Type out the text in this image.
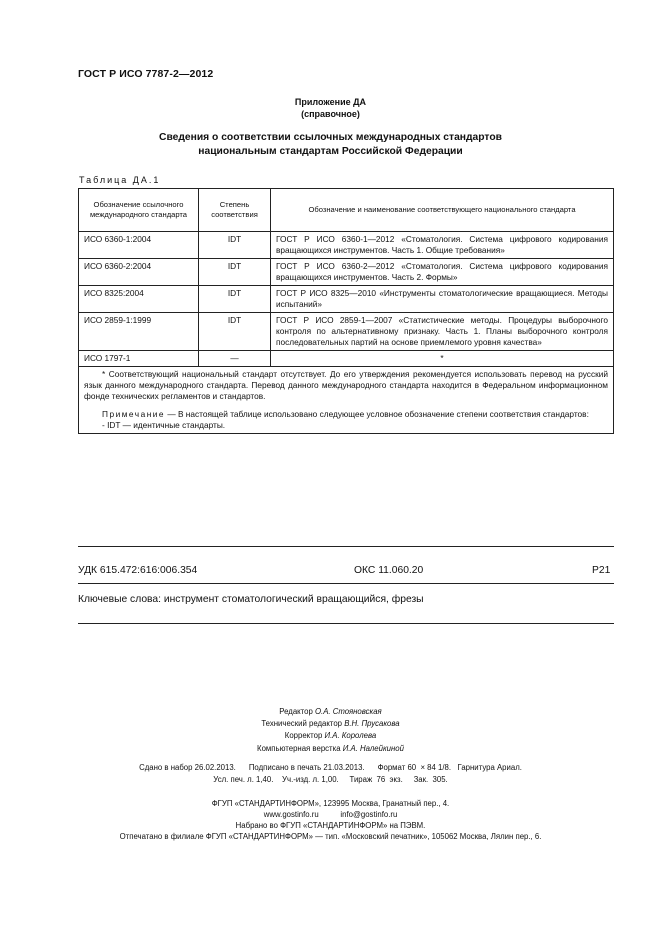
ГОСТ Р ИСО 7787-2—2012
Приложение ДА
(справочное)
Сведения о соответствии ссылочных международных стандартов
национальным стандартам Российской Федерации
Таблица ДА.1
Обозначение ссылочного международного стандарта	Степень соответствия	Обозначение и наименование соответствующего национального стандарта
ИСО 6360-1:2004	IDT	ГОСТ Р ИСО 6360-1—2012 «Стоматология. Система цифрового кодирования вращающихся инструментов. Часть 1. Общие требования»
ИСО 6360-2:2004	IDT	ГОСТ Р ИСО 6360-2—2012 «Стоматология. Система цифрового кодирования вращающихся инструментов. Часть 2. Формы»
ИСО 8325:2004	IDT	ГОСТ Р ИСО 8325—2010 «Инструменты стоматологические вращающиеся. Методы испытаний»
ИСО 2859-1:1999	IDT	ГОСТ Р ИСО 2859-1—2007 «Статистические методы. Процедуры выборочного контроля по альтернативному признаку. Часть 1. Планы выборочного контроля последовательных партий на основе приемлемого уровня качества»
ИСО 1797-1	—	*

* Соответствующий национальный стандарт отсутствует. До его утверждения рекомендуется использовать перевод на русский язык данного международного стандарта. Перевод данного международного стандарта находится в Федеральном информационном фонде технических регламентов и стандартов.
Примечание — В настоящей таблице использовано следующее условное обозначение степени соответствия стандартов:
- IDT — идентичные стандарты.		
УДК 615.472:616:006.354	ОКС 11.060.20	Р21
Ключевые слова: инструмент стоматологический вращающийся, фрезы
Редактор О.А. Стояновская
Технический редактор В.Н. Прусакова
Корректор И.А. Королева
Компьютерная верстка И.А. Налейкиной
Сдано в набор 26.02.2013.      Подписано в печать 21.03.2013.      Формат 60  × 84 1/8.   Гарнитура Ариал.
Усл. печ. л. 1,40.    Уч.-изд. л. 1,00.     Тираж  76  экз.     Зак.  305.
ФГУП «СТАНДАРТИНФОРМ», 123995 Москва, Гранатный пер., 4.
www.gostinfo.ru          info@gostinfo.ru
Набрано во ФГУП «СТАНДАРТИНФОРМ» на ПЭВМ.
Отпечатано в филиале ФГУП «СТАНДАРТИНФОРМ» — тип. «Московский печатник», 105062 Москва, Лялин пер., 6.
